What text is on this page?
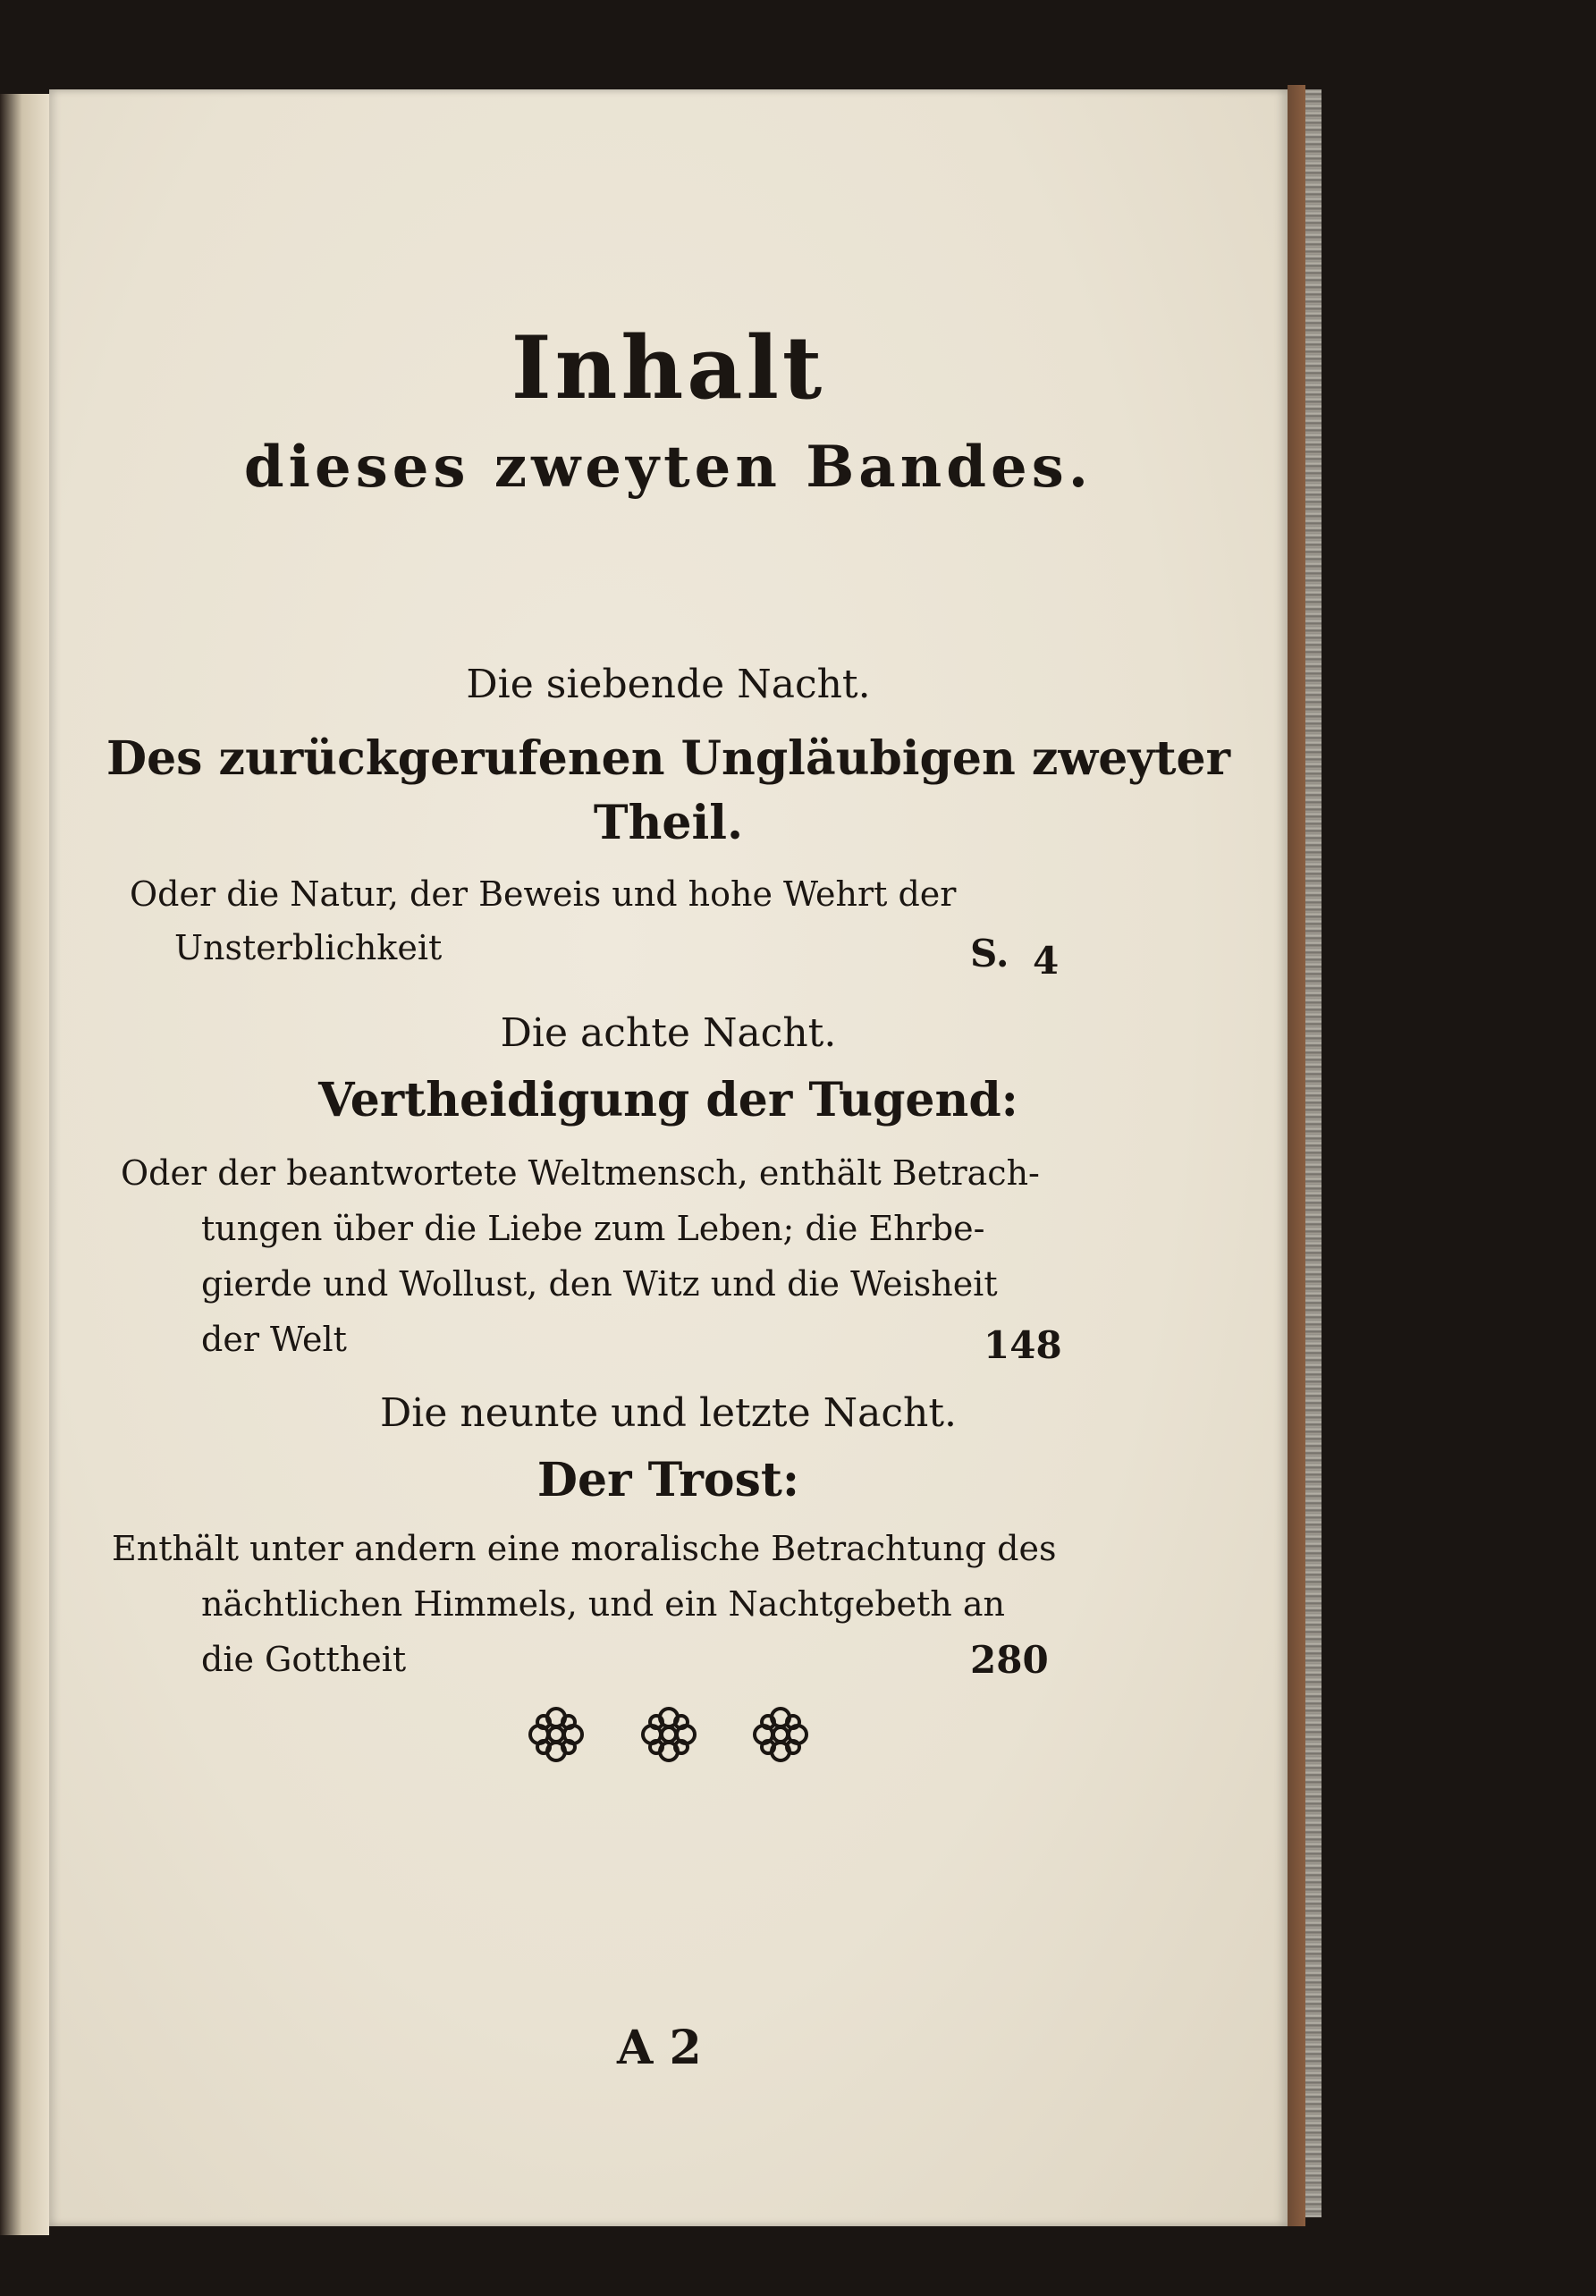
Inhalt
dieses zweyten Bandes.

Die siebende Nacht.

Des zurückgerufenen Ungläubigen zweyter

Theil.

Oder die Natur, der Beweis und hohe Wehrt der

Unsterblichkeit	S. 4

Die achte Nacht.

Vertheidigung der Tugend:

Oder der beantwortete Weltmensch, enthält Betrach-

tungen über die Liebe zum Leben; die Ehrbe-

gierde und Wollust, den Witz und die Weisheit

der Welt	148

Die neunte und letzte Nacht.

Der Trost:

Enthält unter andern eine moralische Betrachtung des

nächtlichen Himmels, und ein Nachtgebeth an

die Gottheit	280

A 2
